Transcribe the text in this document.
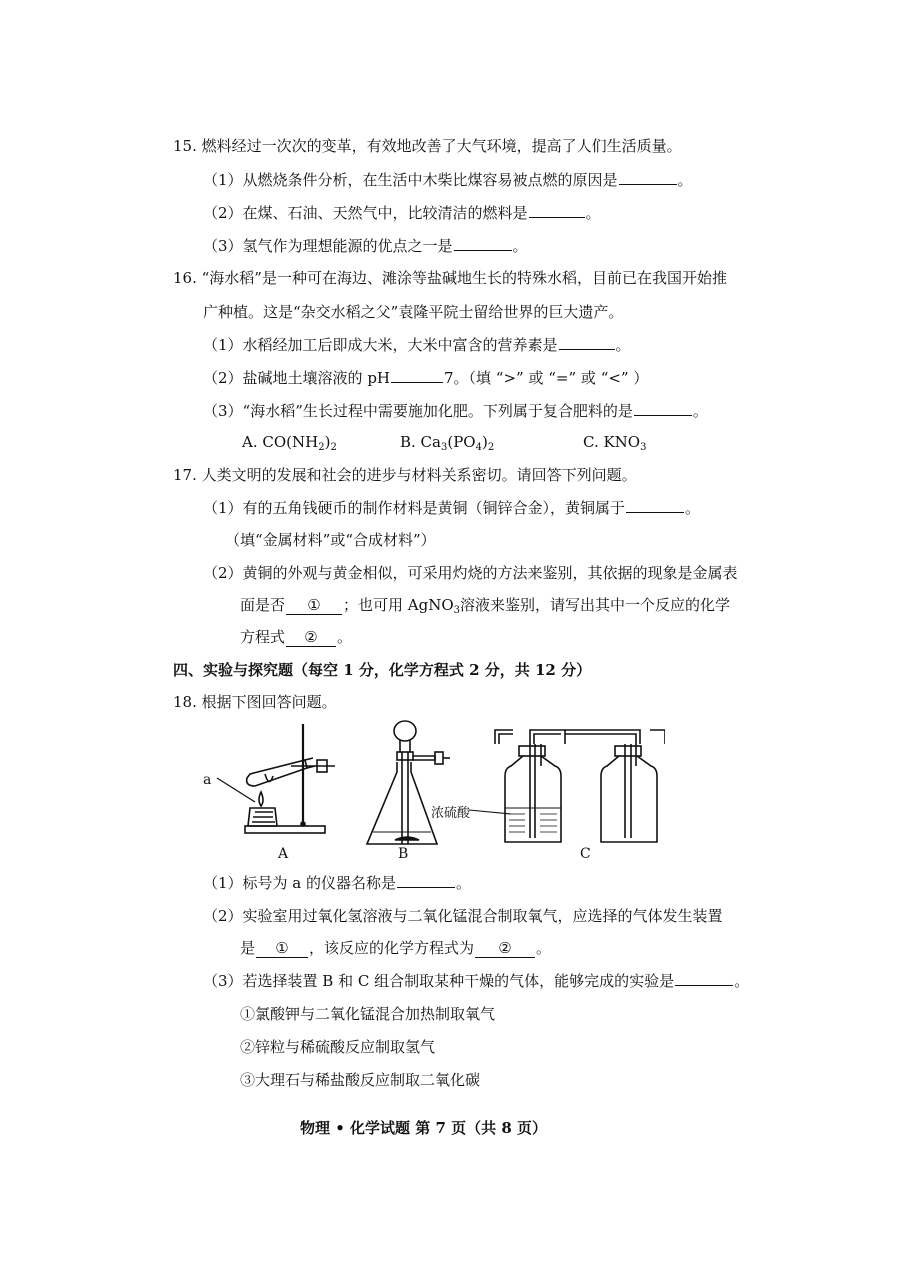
15. 燃料经过一次次的变革，有效地改善了大气环境，提高了人们生活质量。
（1）从燃烧条件分析，在生活中木柴比煤容易被点燃的原因是	。
（2）在煤、石油、天然气中，比较清洁的燃料是	。
（3）氢气作为理想能源的优点之一是	。
16. “海水稻”是一种可在海边、滩涂等盐碱地生长的特殊水稻，目前已在我国开始推
广种植。这是“杂交水稻之父”袁隆平院士留给世界的巨大遗产。
（1）水稻经加工后即成大米，大米中富含的营养素是	。
（2）盐碱地土壤溶液的 pH	7。（填 “>” 或 “=” 或 “<” ）
（3）“海水稻”生长过程中需要施加化肥。下列属于复合肥料的是	。
A. $CO(NH_2)_2$	B. $Ca_3(PO_4)_2$	C. $KNO_3$
17. 人类文明的发展和社会的进步与材料关系密切。请回答下列问题。
（1）有的五角钱硬币的制作材料是黄铜（铜锌合金），黄铜属于	。
（填“金属材料”或“合成材料”）
（2）黄铜的外观与黄金相似，可采用灼烧的方法来鉴别，其依据的现象是金属表
面是否 ① ；也可用 AgNO$_3$溶液来鉴别，请写出其中一个反应的化学
方程式 ② 。
四、实验与探究题（每空 1 分，化学方程式 2 分，共 12 分）
18. 根据下图回答问题。
a
浓硫酸
A	B	C
（1）标号为 a 的仪器名称是	。
（2）实验室用过氧化氢溶液与二氧化锰混合制取氧气，应选择的气体发生装置
是 ① ，该反应的化学方程式为 ② 。
（3）若选择装置 B 和 C 组合制取某种干燥的气体，能够完成的实验是	。
①氯酸钾与二氧化锰混合加热制取氧气
②锌粒与稀硫酸反应制取氢气
③大理石与稀盐酸反应制取二氧化碳
物理 • 化学试题 第 7 页（共 8 页）
